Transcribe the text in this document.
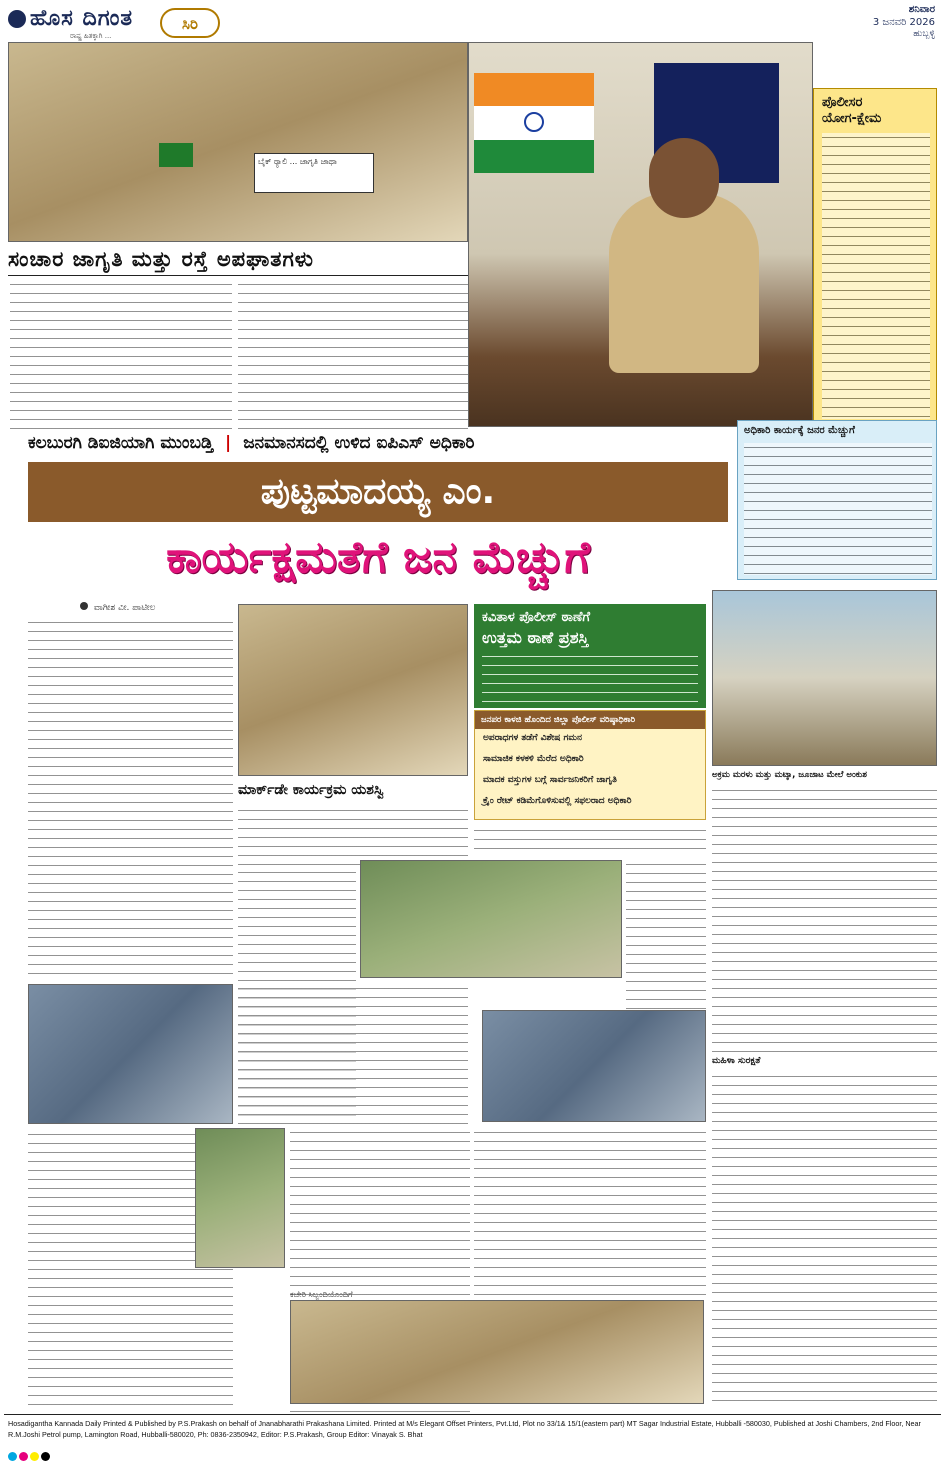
ಹೊಸ ದಿಗಂತ
ರಾಷ್ಟ್ರ ಹಿತಕ್ಕಾಗಿ ...
ಸಿರಿ
ಶನಿವಾರ
3 ಜನವರಿ 2026
ಹುಬ್ಬಳ್ಳಿ
ಬೈಕ್ ರ‍್ಯಾಲಿ ... ಜಾಗೃತಿ ಜಾಥಾ
ಸಂಚಾರ ಜಾಗೃತಿ ಮತ್ತು ರಸ್ತೆ ಅಪಘಾತಗಳು
ಪೊಲೀಸರ
ಯೋಗ-ಕ್ಷೇಮ
ಕಲಬುರಗಿ ಡಿಐಜಿಯಾಗಿ ಮುಂಬಡ್ತಿ | ಜನಮಾನಸದಲ್ಲಿ ಉಳಿದ ಐಪಿಎಸ್ ಅಧಿಕಾರಿ
ಪುಟ್ಟಮಾದಯ್ಯ ಎಂ.
ಕಾರ್ಯಕ್ಷಮತೆಗೆ ಜನ ಮೆಚ್ಚುಗೆ
ಅಧಿಕಾರಿ ಕಾರ್ಯಕ್ಕೆ ಜನರ ಮೆಚ್ಚುಗೆ
ವಾಗೀಶ ವೀ. ಪಾಟೀಲ
ಮಾರ್ಕ್‌ಡೇ ಕಾರ್ಯಕ್ರಮ ಯಶಸ್ವಿ
ಕವಿತಾಳ ಪೊಲೀಸ್ ಠಾಣೆಗೆ
ಉತ್ತಮ ಠಾಣೆ ಪ್ರಶಸ್ತಿ
ಜನಪರ ಕಾಳಜಿ ಹೊಂದಿದ ಜಿಲ್ಲಾ ಪೊಲೀಸ್ ವರಿಷ್ಠಾಧಿಕಾರಿ
ಅಪರಾಧಗಳ ತಡೆಗೆ ವಿಶೇಷ ಗಮನ
ಸಾಮಾಜಿಕ ಕಳಕಳಿ ಮೆರೆದ ಅಧಿಕಾರಿ
ಮಾದಕ ವಸ್ತುಗಳ ಬಗ್ಗೆ ಸಾರ್ವಜನಿಕರಿಗೆ ಜಾಗೃತಿ
ಕ್ರೈಂ ರೇಟ್ ಕಡಿಮೆಗೊಳಿಸುವಲ್ಲಿ ಸಫಲರಾದ ಅಧಿಕಾರಿ
ಅಕ್ರಮ ಮರಳು ಮತ್ತು ಮಟ್ಕಾ, ಜೂಜಾಟ ಮೇಲೆ ಅಂಕುಶ
ಮಹಿಳಾ ಸುರಕ್ಷತೆ
ಕಚೇರಿ ಸಿಬ್ಬಂದಿಯೊಂದಿಗೆ
Hosadigantha Kannada Daily Printed & Published by P.S.Prakash on behalf of Jnanabharathi Prakashana Limited. Printed at M/s Elegant Offset Printers, Pvt.Ltd, Plot no 33/1& 15/1(eastern part) MT Sagar Industrial Estate, Hubballi -580030, Published at Joshi Chambers, 2nd Floor, Near R.M.Joshi Petrol pump, Lamington Road, Hubballi-580020, Ph: 0836-2350942, Editor: P.S.Prakash, Group Editor: Vinayak S. Bhat
